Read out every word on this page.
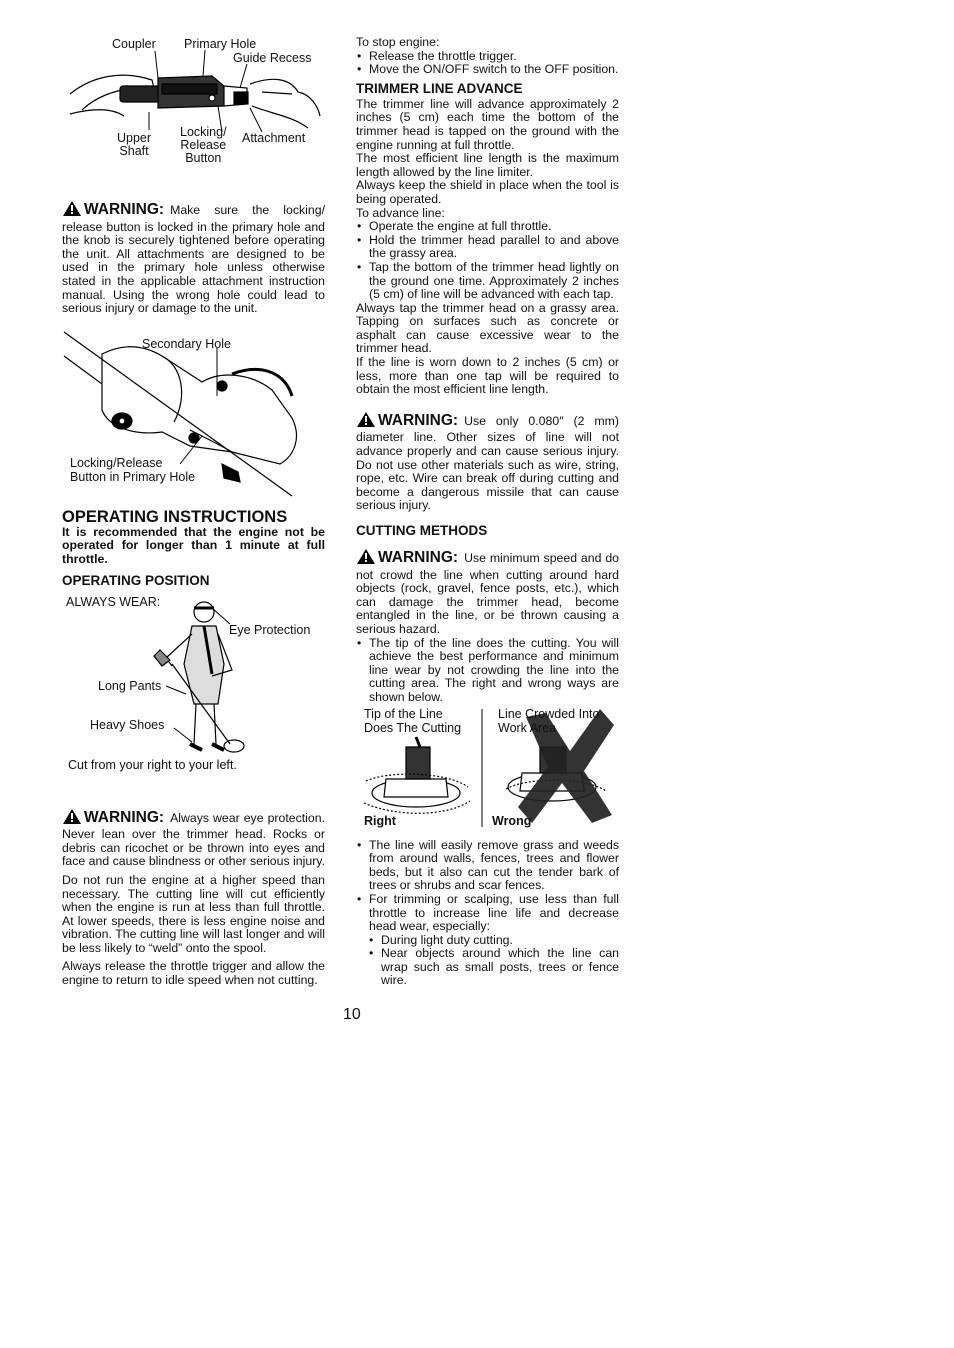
Coupler Primary Hole
Guide Recess
Upper
Shaft
Locking/
Release
Button
Attachment
WARNING: Make sure the locking/ release button is locked in the primary hole and the knob is securely tightened before operating the unit. All attachments are designed to be used in the primary hole unless otherwise stated in the applicable attachment instruction manual. Using the wrong hole could lead to serious injury or damage to the unit.
Secondary Hole
Locking/Release
Button in Primary Hole
OPERATING INSTRUCTIONS

It is recommended that the engine not be operated for longer than 1 minute at full throttle.

OPERATING POSITION
ALWAYS WEAR:
Eye Protection
Long Pants
Heavy Shoes
Cut from your right to your left.
WARNING: Always wear eye protection. Never lean over the trimmer head. Rocks or debris can ricochet or be thrown into eyes and face and cause blindness or other serious injury.

Do not run the engine at a higher speed than necessary. The cutting line will cut efficiently when the engine is run at less than full throttle. At lower speeds, there is less engine noise and vibration. The cutting line will last longer and will be less likely to “weld” onto the spool.

Always release the throttle trigger and allow the engine to return to idle speed when not cutting.

To stop engine:

• Release the throttle trigger.
• Move the ON/OFF switch to the OFF position.
TRIMMER LINE ADVANCE

The trimmer line will advance approximately 2 inches (5 cm) each time the bottom of the trimmer head is tapped on the ground with the engine running at full throttle.

The most efficient line length is the maximum length allowed by the line limiter.

Always keep the shield in place when the tool is being operated.

To advance line:

• Operate the engine at full throttle.
• Hold the trimmer head parallel to and above the grassy area.
• Tap the bottom of the trimmer head lightly on the ground one time. Approximately 2 inches (5 cm) of line will be advanced with each tap.

Always tap the trimmer head on a grassy area. Tapping on surfaces such as concrete or asphalt can cause excessive wear to the trimmer head.

If the line is worn down to 2 inches (5 cm) or less, more than one tap will be required to obtain the most efficient line length.

WARNING: Use only 0.080″ (2 mm) diameter line. Other sizes of line will not advance properly and can cause serious injury. Do not use other materials such as wire, string, rope, etc. Wire can break off during cutting and become a dangerous missile that can cause serious injury.
CUTTING METHODS
WARNING: Use minimum speed and do not crowd the line when cutting around hard objects (rock, gravel, fence posts, etc.), which can damage the trimmer head, become entangled in the line, or be thrown causing a serious hazard.
• The tip of the line does the cutting. You will achieve the best performance and minimum line wear by not crowding the line into the cutting area. The right and wrong ways are shown below.
Tip of the Line
Does The Cutting
Line Crowded Into
Work Area
Right	Wrong
• The line will easily remove grass and weeds from around walls, fences, trees and flower beds, but it also can cut the tender bark of trees or shrubs and scar fences.
• For trimming or scalping, use less than full throttle to increase line life and decrease head wear, especially:
• During light duty cutting.
• Near objects around which the line can wrap such as small posts, trees or fence wire.
10
